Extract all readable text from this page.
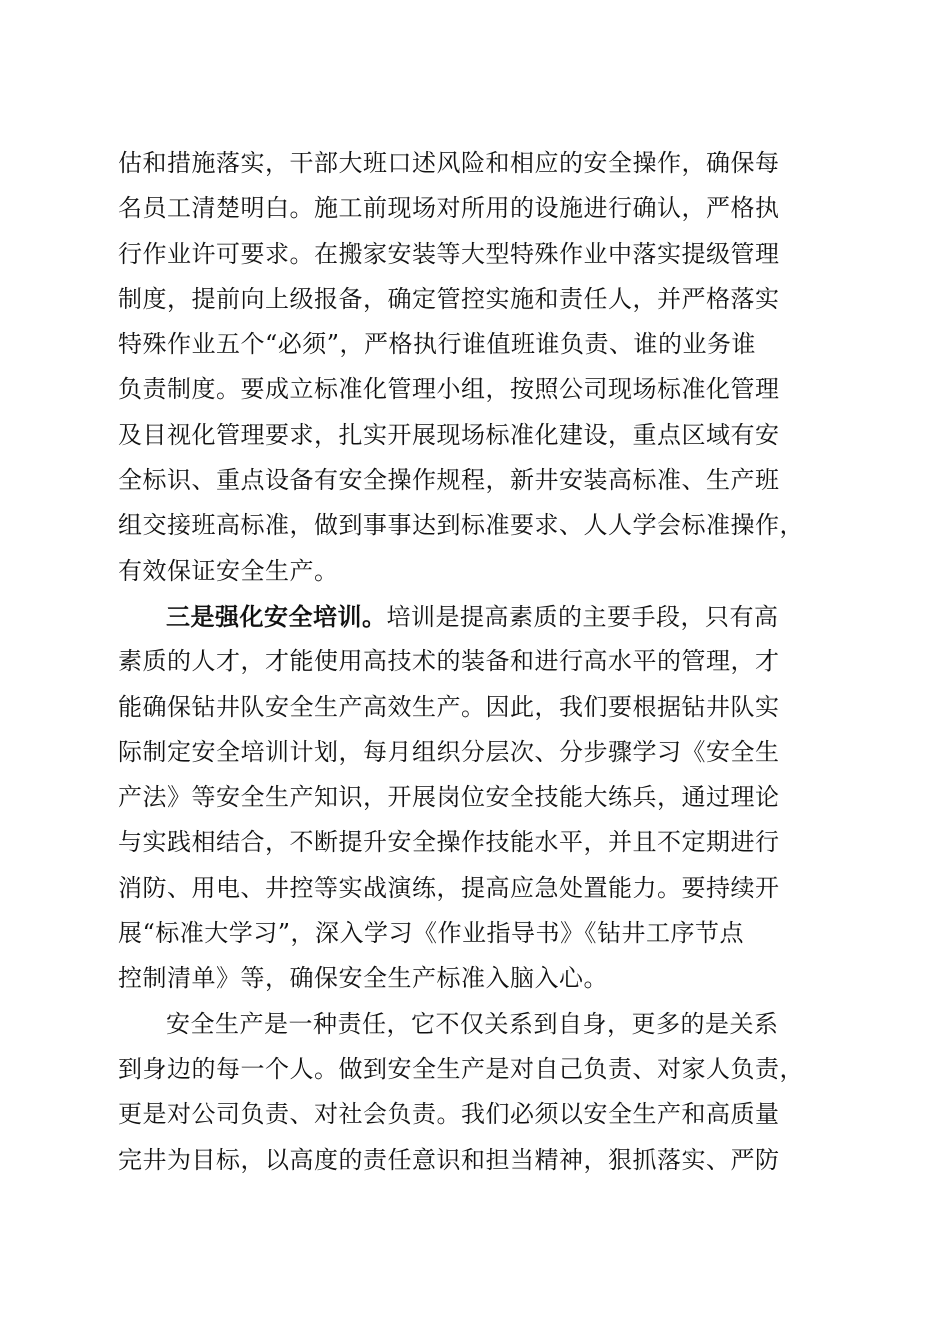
估和措施落实，干部大班口述风险和相应的安全操作，确保每
名员工清楚明白。施工前现场对所用的设施进行确认，严格执
行作业许可要求。在搬家安装等大型特殊作业中落实提级管理
制度，提前向上级报备，确定管控实施和责任人，并严格落实
特殊作业五个“必须”，严格执行谁值班谁负责、谁的业务谁
负责制度。要成立标准化管理小组，按照公司现场标准化管理
及目视化管理要求，扎实开展现场标准化建设，重点区域有安
全标识、重点设备有安全操作规程，新井安装高标准、生产班
组交接班高标准，做到事事达到标准要求、人人学会标准操作，
有效保证安全生产。
三是强化安全培训。培训是提高素质的主要手段，只有高
素质的人才，才能使用高技术的装备和进行高水平的管理，才
能确保钻井队安全生产高效生产。因此，我们要根据钻井队实
际制定安全培训计划，每月组织分层次、分步骤学习《安全生
产法》等安全生产知识，开展岗位安全技能大练兵，通过理论
与实践相结合，不断提升安全操作技能水平，并且不定期进行
消防、用电、井控等实战演练，提高应急处置能力。要持续开
展“标准大学习”，深入学习《作业指导书》《钻井工序节点
控制清单》等，确保安全生产标准入脑入心。
安全生产是一种责任，它不仅关系到自身，更多的是关系
到身边的每一个人。做到安全生产是对自己负责、对家人负责，
更是对公司负责、对社会负责。我们必须以安全生产和高质量
完井为目标，以高度的责任意识和担当精神，狠抓落实、严防
